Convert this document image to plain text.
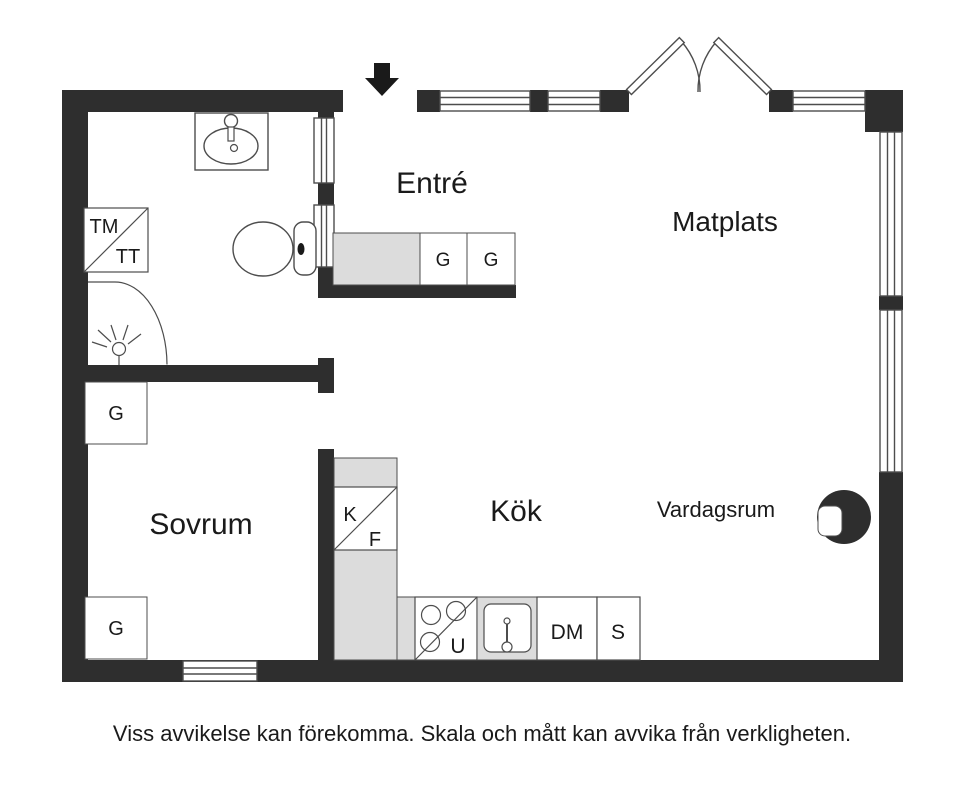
Entré
Matplats
Sovrum	Kök	Vardagsrum
TM
TT	G G
G
G
K
F
U
DM S
Viss avvikelse kan förekomma. Skala och mått kan avvika från verkligheten.
